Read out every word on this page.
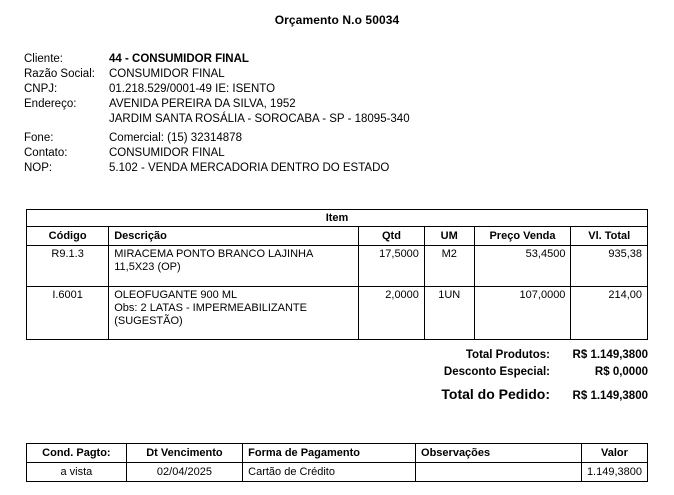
Orçamento N.o 50034
Cliente:	44 - CONSUMIDOR FINAL
Razão Social:	CONSUMIDOR FINAL
CNPJ:	01.218.529/0001-49 IE: ISENTO
Endereço:	AVENIDA PEREIRA DA SILVA, 1952
	JARDIM SANTA ROSÁLIA - SOROCABA - SP - 18095-340

Fone:	Comercial: (15) 32314878
Contato:	CONSUMIDOR FINAL
NOP:	5.102 - VENDA MERCADORIA DENTRO DO ESTADO
Item					
Código	Descrição	Qtd	UM	Preço Venda	Vl. Total
R9.1.3	MIRACEMA PONTO BRANCO LAJINHA
11,5X23 (OP)	17,5000	M2	53,4500	935,38
I.6001	OLEOFUGANTE 900 ML
Obs: 2 LATAS - IMPERMEABILIZANTE
(SUGESTÃO)	2,0000	1UN	107,0000	214,00
Total Produtos:	R$ 1.149,3800
Desconto Especial:	R$ 0,0000
Total do Pedido:	R$ 1.149,3800
Cond. Pagto:	Dt Vencimento	Forma de Pagamento	Observações	Valor
a vista	02/04/2025	Cartão de Crédito		1.149,3800
